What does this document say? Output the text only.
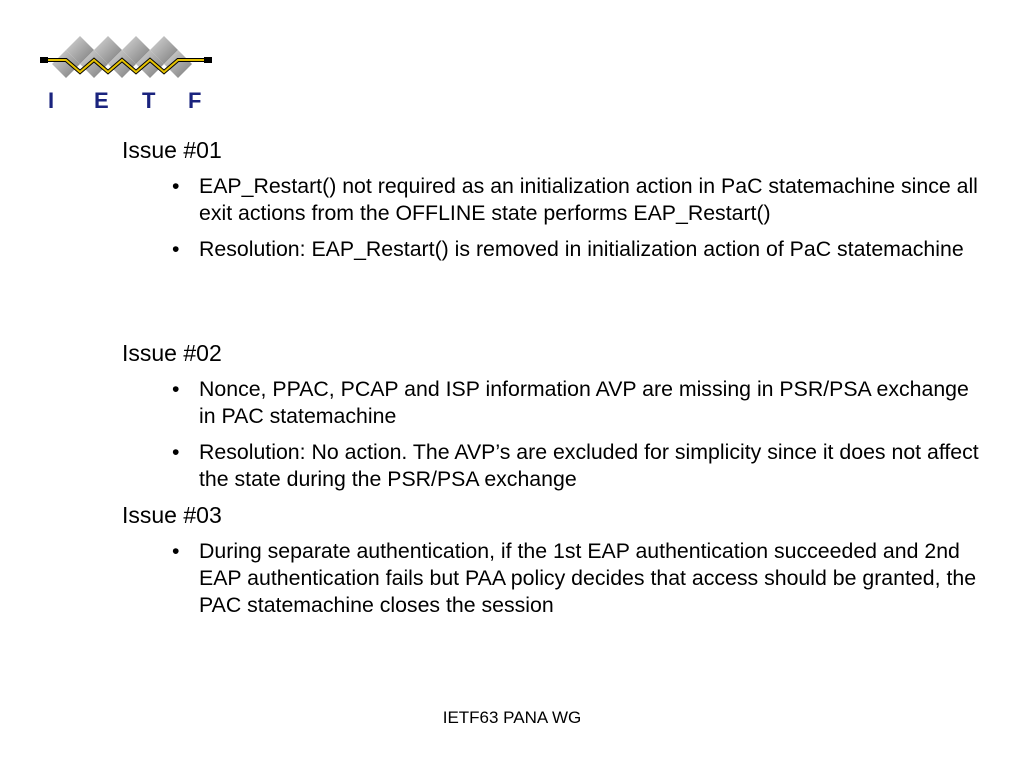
I E T F
Issue #01
• EAP_Restart() not required as an initialization action in PaC statemachine since all exit actions from the OFFLINE state performs EAP_Restart()
• Resolution: EAP_Restart() is removed in initialization action of PaC statemachine
Issue #02
• Nonce, PPAC, PCAP and ISP information AVP are missing in PSR/PSA exchange in PAC statemachine
• Resolution: No action. The AVP’s are excluded for simplicity since it does not affect the state during the PSR/PSA exchange
Issue #03
• During separate authentication, if the 1st EAP authentication succeeded and 2nd EAP authentication fails but PAA policy decides that access should be granted, the PAC statemachine closes the session
IETF63 PANA WG
